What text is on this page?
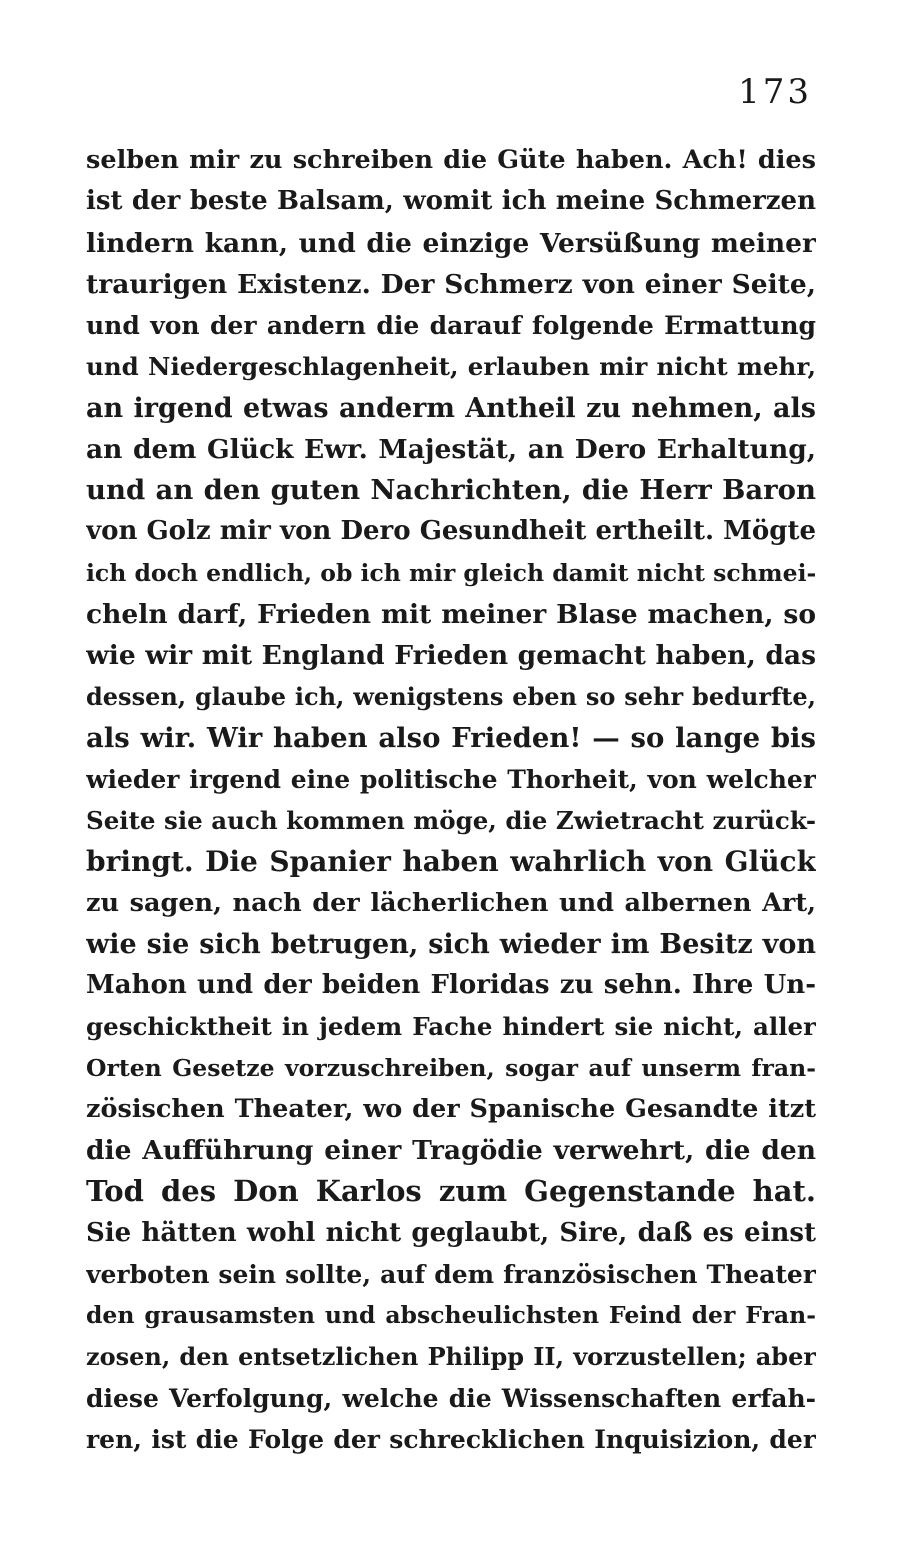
173
selben mir zu schreiben die Güte haben. Ach! dies
ist der beste Balsam, womit ich meine Schmerzen
lindern kann, und die einzige Versüßung meiner
traurigen Existenz. Der Schmerz von einer Seite,
und von der andern die darauf folgende Ermattung
und Niedergeschlagenheit, erlauben mir nicht mehr,
an irgend etwas anderm Antheil zu nehmen, als
an dem Glück Ewr. Majestät, an Dero Erhaltung,
und an den guten Nachrichten, die Herr Baron
von Golz mir von Dero Gesundheit ertheilt. Mögte
ich doch endlich, ob ich mir gleich damit nicht schmei-
cheln darf, Frieden mit meiner Blase machen, so
wie wir mit England Frieden gemacht haben, das
dessen, glaube ich, wenigstens eben so sehr bedurfte,
als wir. Wir haben also Frieden! — so lange bis
wieder irgend eine politische Thorheit, von welcher
Seite sie auch kommen möge, die Zwietracht zurück-
bringt. Die Spanier haben wahrlich von Glück
zu sagen, nach der lächerlichen und albernen Art,
wie sie sich betrugen, sich wieder im Besitz von
Mahon und der beiden Floridas zu sehn. Ihre Un-
geschicktheit in jedem Fache hindert sie nicht, aller
Orten Gesetze vorzuschreiben, sogar auf unserm fran-
zösischen Theater, wo der Spanische Gesandte itzt
die Aufführung einer Tragödie verwehrt, die den
Tod des Don Karlos zum Gegenstande hat.
Sie hätten wohl nicht geglaubt, Sire, daß es einst
verboten sein sollte, auf dem französischen Theater
den grausamsten und abscheulichsten Feind der Fran-
zosen, den entsetzlichen Philipp II, vorzustellen; aber
diese Verfolgung, welche die Wissenschaften erfah-
ren, ist die Folge der schrecklichen Inquisizion, der
